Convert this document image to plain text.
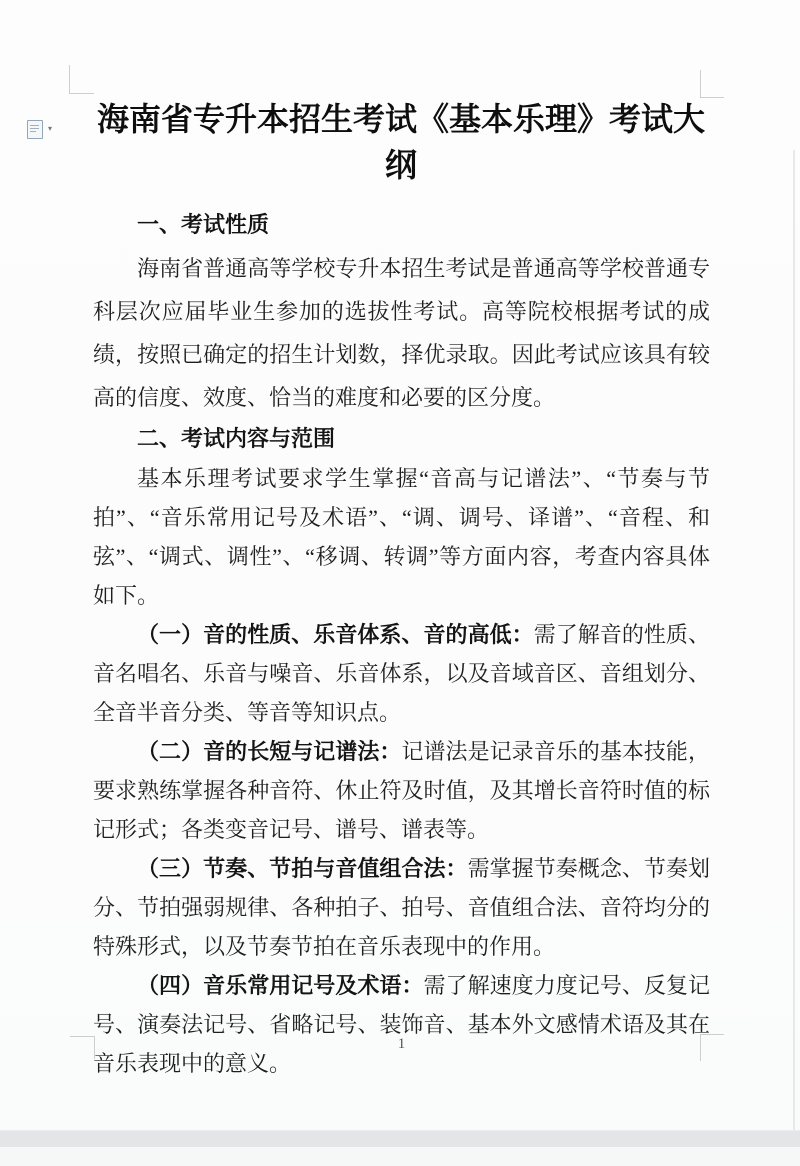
▾ 海南省专升本招生考试《基本乐理》考试大纲
一、考试性质

海南省普通高等学校专升本招生考试是普通高等学校普通专科层次应届毕业生参加的选拔性考试。高等院校根据考试的成绩，按照已确定的招生计划数，择优录取。因此考试应该具有较高的信度、效度、恰当的难度和必要的区分度。

二、考试内容与范围

基本乐理考试要求学生掌握“音高与记谱法”、“节奏与节拍”、“音乐常用记号及术语”、“调、调号、译谱”、“音程、和弦”、“调式、调性”、“移调、转调”等方面内容，考查内容具体如下。

（一）音的性质、乐音体系、音的高低：需了解音的性质、音名唱名、乐音与噪音、乐音体系，以及音域音区、音组划分、全音半音分类、等音等知识点。

（二）音的长短与记谱法：记谱法是记录音乐的基本技能，要求熟练掌握各种音符、休止符及时值，及其增长音符时值的标记形式；各类变音记号、谱号、谱表等。

（三）节奏、节拍与音值组合法：需掌握节奏概念、节奏划分、节拍强弱规律、各种拍子、拍号、音值组合法、音符均分的特殊形式，以及节奏节拍在音乐表现中的作用。

（四）音乐常用记号及术语：需了解速度力度记号、反复记号、演奏法记号、省略记号、装饰音、基本外文感情术语及其在音乐表现中的意义。

1
